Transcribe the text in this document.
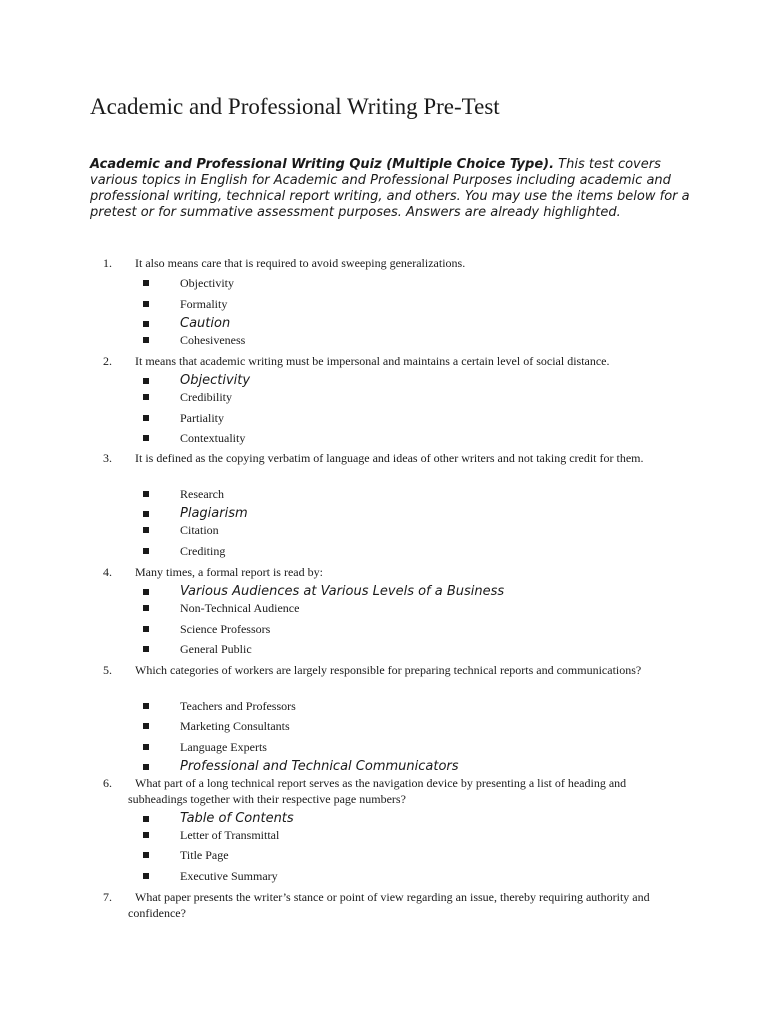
Academic and Professional Writing Pre-Test

Academic and Professional Writing Quiz (Multiple Choice Type). This test covers various topics in English for Academic and Professional Purposes including academic and professional writing, technical report writing, and others. You may use the items below for a pretest or for summative assessment purposes. Answers are already highlighted.

1.	It also means care that is required to avoid sweeping generalizations.
Objectivity
Formality
Caution
Cohesiveness
2.	It means that academic writing must be impersonal and maintains a certain level of social distance.
Objectivity
Credibility
Partiality
Contextuality
3.	It is defined as the copying verbatim of language and ideas of other writers and not taking credit for them.
Research
Plagiarism
Citation
Crediting
4.	Many times, a formal report is read by:
Various Audiences at Various Levels of a Business
Non-Technical Audience
Science Professors
General Public
5.	Which categories of workers are largely responsible for preparing technical reports and communications?
Teachers and Professors
Marketing Consultants
Language Experts
Professional and Technical Communicators
6.	What part of a long technical report serves as the navigation device by presenting a list of heading and subheadings together with their respective page numbers?
Table of Contents
Letter of Transmittal
Title Page
Executive Summary
7.	What paper presents the writer’s stance or point of view regarding an issue, thereby requiring authority and confidence?
